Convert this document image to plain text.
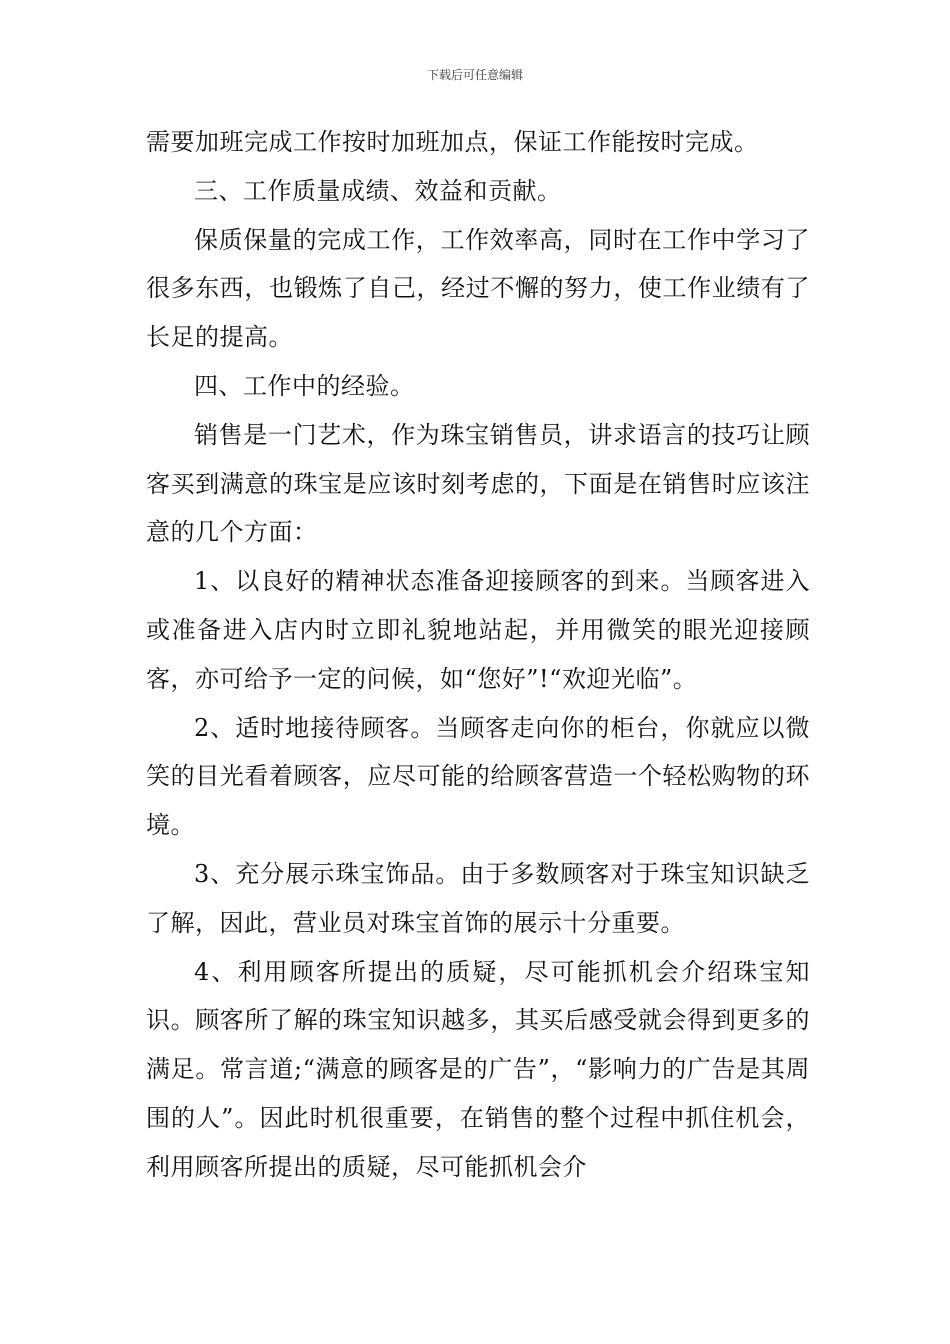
下载后可任意编辑

需要加班完成工作按时加班加点，保证工作能按时完成。

三、工作质量成绩、效益和贡献。

保质保量的完成工作，工作效率高，同时在工作中学习了很多东西，也锻炼了自己，经过不懈的努力，使工作业绩有了长足的提高。

四、工作中的经验。

销售是一门艺术，作为珠宝销售员，讲求语言的技巧让顾客买到满意的珠宝是应该时刻考虑的，下面是在销售时应该注意的几个方面：

1、以良好的精神状态准备迎接顾客的到来。当顾客进入或准备进入店内时立即礼貌地站起，并用微笑的眼光迎接顾客，亦可给予一定的问候，如“您好”!“欢迎光临”。

2、适时地接待顾客。当顾客走向你的柜台，你就应以微笑的目光看着顾客，应尽可能的给顾客营造一个轻松购物的环境。

3、充分展示珠宝饰品。由于多数顾客对于珠宝知识缺乏了解，因此，营业员对珠宝首饰的展示十分重要。

4、利用顾客所提出的质疑，尽可能抓机会介绍珠宝知识。顾客所了解的珠宝知识越多，其买后感受就会得到更多的满足。常言道;“满意的顾客是的广告”，“影响力的广告是其周围的人”。因此时机很重要，在销售的整个过程中抓住机会，利用顾客所提出的质疑，尽可能抓机会介
